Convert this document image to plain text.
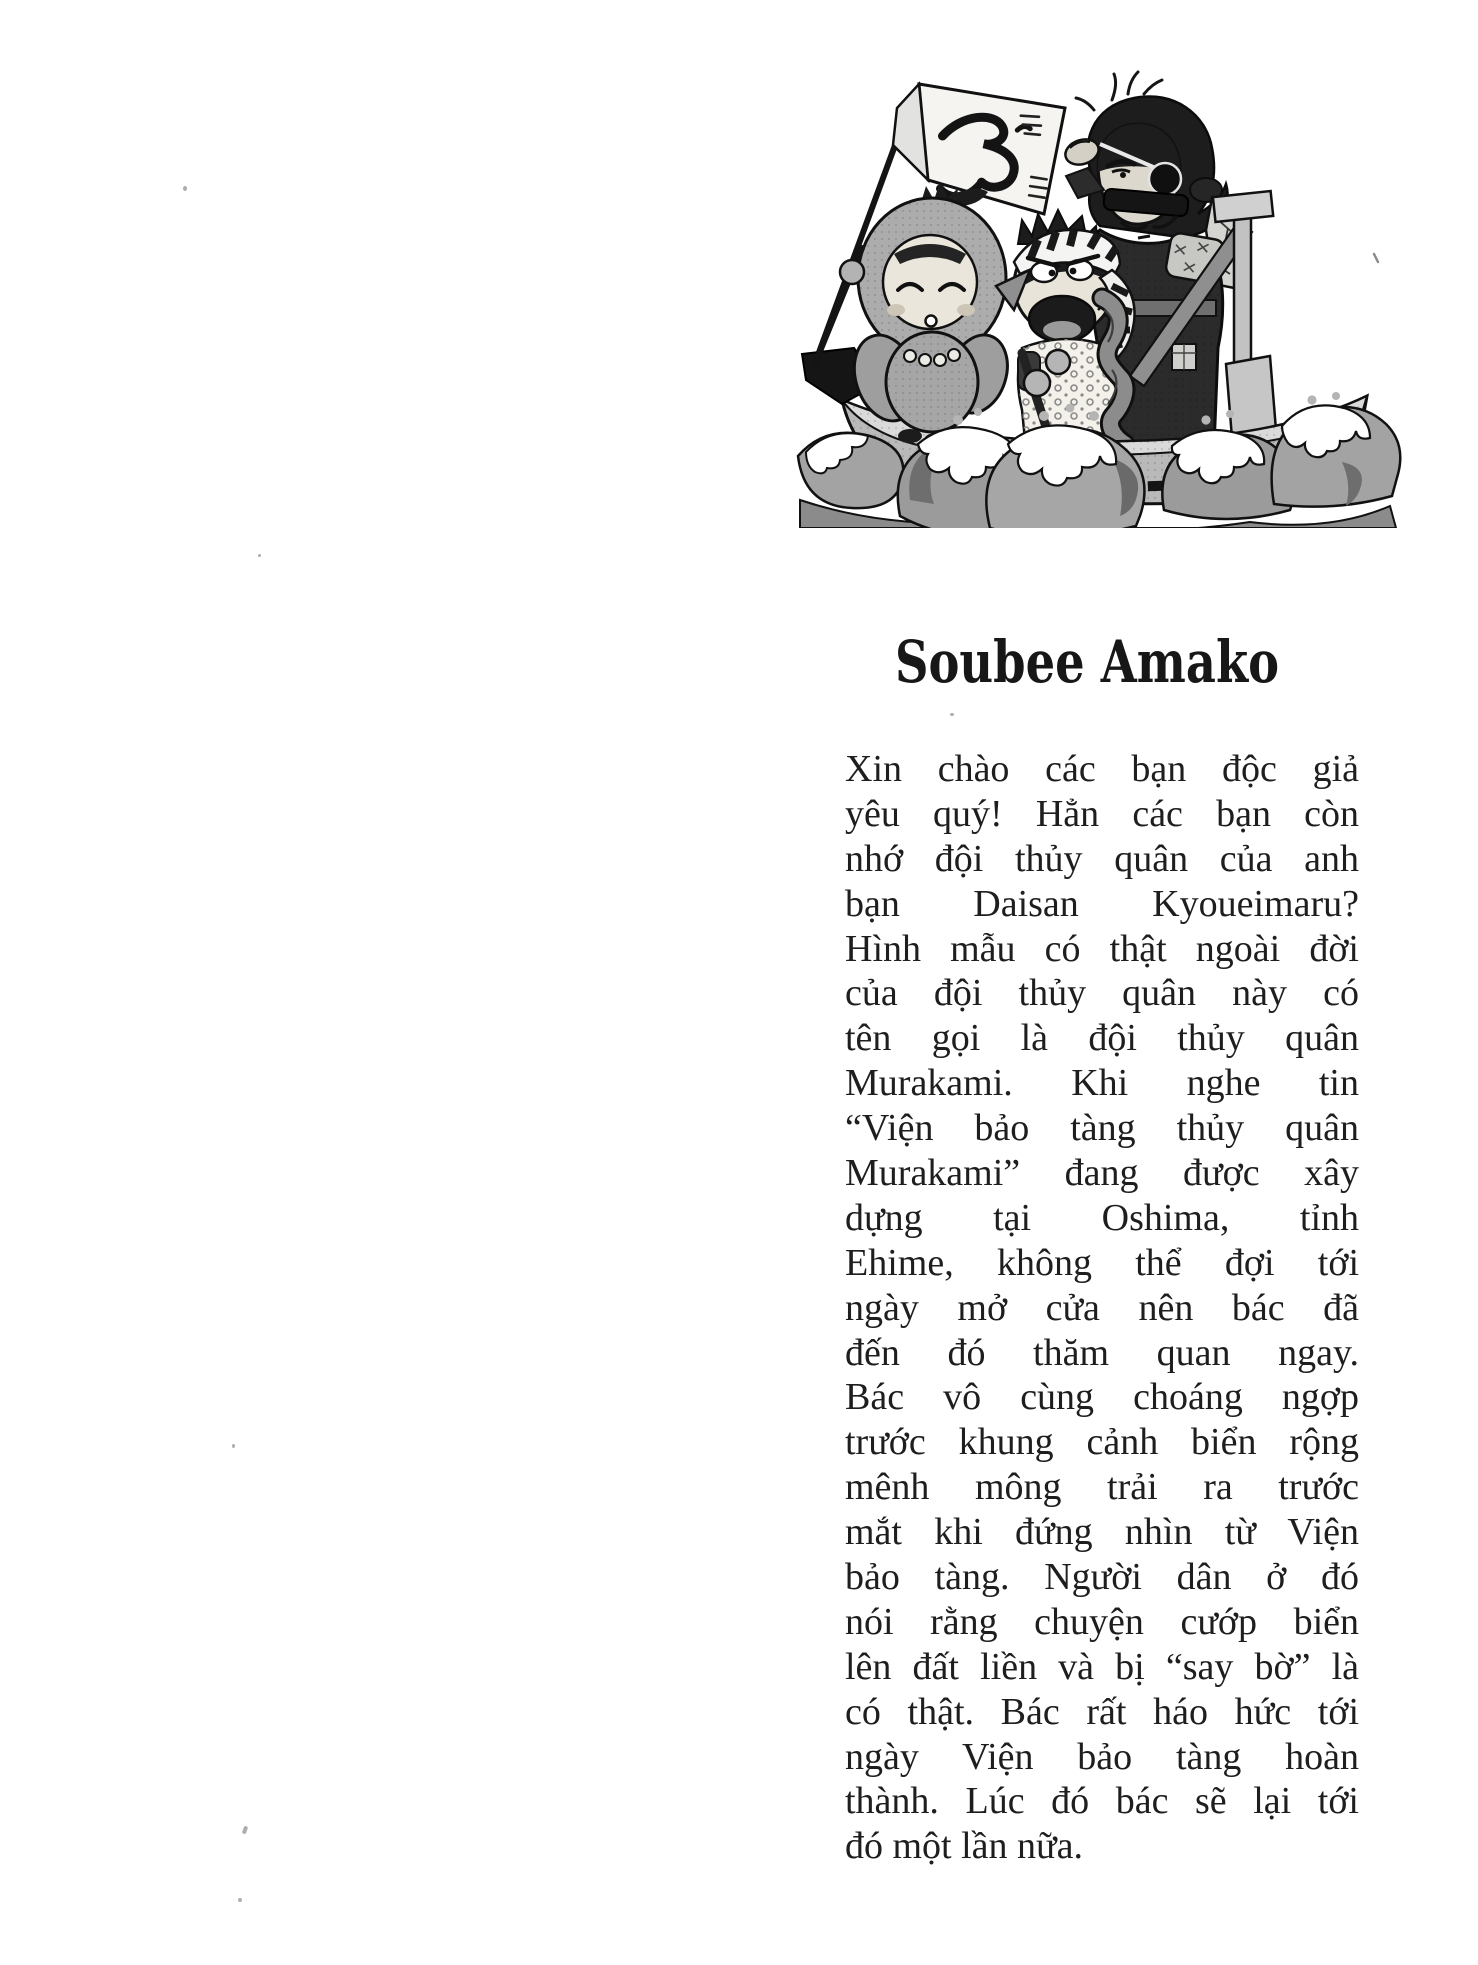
Soubee Amako
Xin chào các bạn độc giả
yêu quý! Hẳn các bạn còn
nhớ đội thủy quân của anh
bạn Daisan Kyoueimaru?
Hình mẫu có thật ngoài đời
của đội thủy quân này có
tên gọi là đội thủy quân
Murakami. Khi nghe tin
“Viện bảo tàng thủy quân
Murakami” đang được xây
dựng tại Oshima, tỉnh
Ehime, không thể đợi tới
ngày mở cửa nên bác đã
đến đó thăm quan ngay.
Bác vô cùng choáng ngợp
trước khung cảnh biển rộng
mênh mông trải ra trước
mắt khi đứng nhìn từ Viện
bảo tàng. Người dân ở đó
nói rằng chuyện cướp biển
lên đất liền và bị “say bờ” là
có thật. Bác rất háo hức tới
ngày Viện bảo tàng hoàn
thành. Lúc đó bác sẽ lại tới
đó một lần nữa.
